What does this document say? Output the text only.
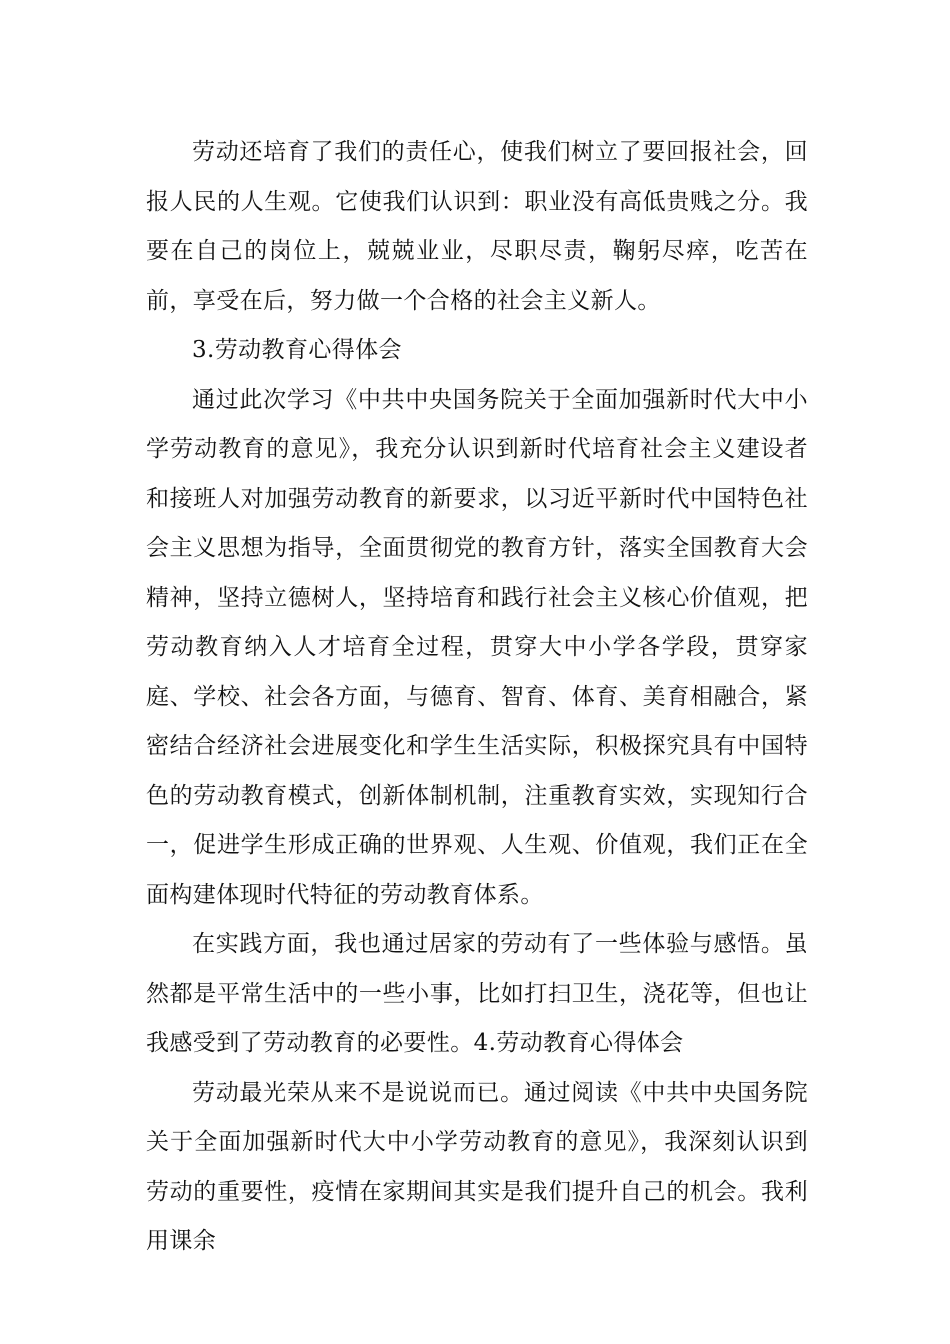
劳动还培育了我们的责任心，使我们树立了要回报社会，回报人民的人生观。它使我们认识到：职业没有高低贵贱之分。我要在自己的岗位上，兢兢业业，尽职尽责，鞠躬尽瘁，吃苦在前，享受在后，努力做一个合格的社会主义新人。

3.劳动教育心得体会

通过此次学习《中共中央国务院关于全面加强新时代大中小学劳动教育的意见》，我充分认识到新时代培育社会主义建设者和接班人对加强劳动教育的新要求，以习近平新时代中国特色社会主义思想为指导，全面贯彻党的教育方针，落实全国教育大会精神，坚持立德树人，坚持培育和践行社会主义核心价值观，把劳动教育纳入人才培育全过程，贯穿大中小学各学段，贯穿家庭、学校、社会各方面，与德育、智育、体育、美育相融合，紧密结合经济社会进展变化和学生生活实际，积极探究具有中国特色的劳动教育模式，创新体制机制，注重教育实效，实现知行合一，促进学生形成正确的世界观、人生观、价值观，我们正在全面构建体现时代特征的劳动教育体系。

在实践方面，我也通过居家的劳动有了一些体验与感悟。虽然都是平常生活中的一些小事，比如打扫卫生，浇花等，但也让我感受到了劳动教育的必要性。4.劳动教育心得体会

劳动最光荣从来不是说说而已。通过阅读《中共中央国务院关于全面加强新时代大中小学劳动教育的意见》，我深刻认识到劳动的重要性，疫情在家期间其实是我们提升自己的机会。我利用课余
